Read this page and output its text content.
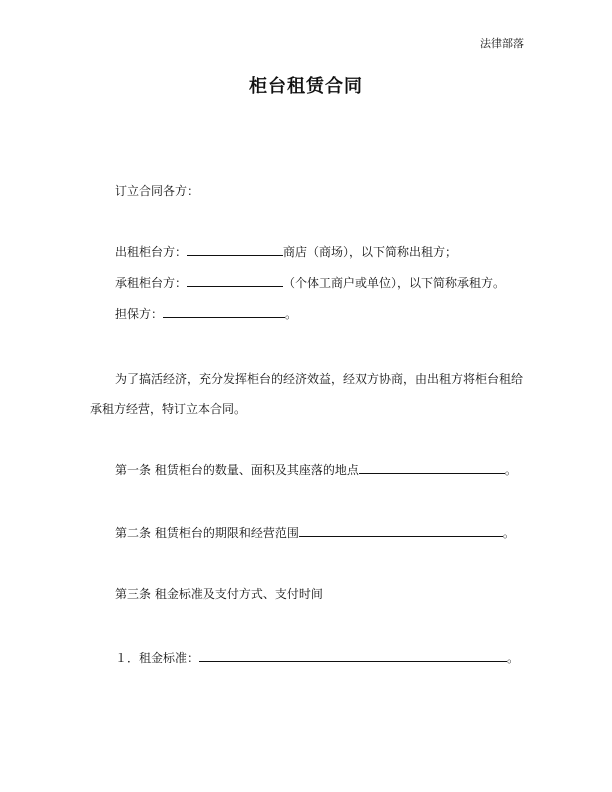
法律部落
柜台租赁合同
订立合同各方：
出租柜台方：	商店（商场），以下简称出租方；
承租柜台方：	（个体工商户或单位），以下简称承租方。
担保方：	。
为了搞活经济，充分发挥柜台的经济效益，经双方协商，由出租方将柜台租给
承租方经营，特订立本合同。
第一条 租赁柜台的数量、面积及其座落的地点	。
第二条 租赁柜台的期限和经营范围	。
第三条 租金标准及支付方式、支付时间
１．租金标准：	。
